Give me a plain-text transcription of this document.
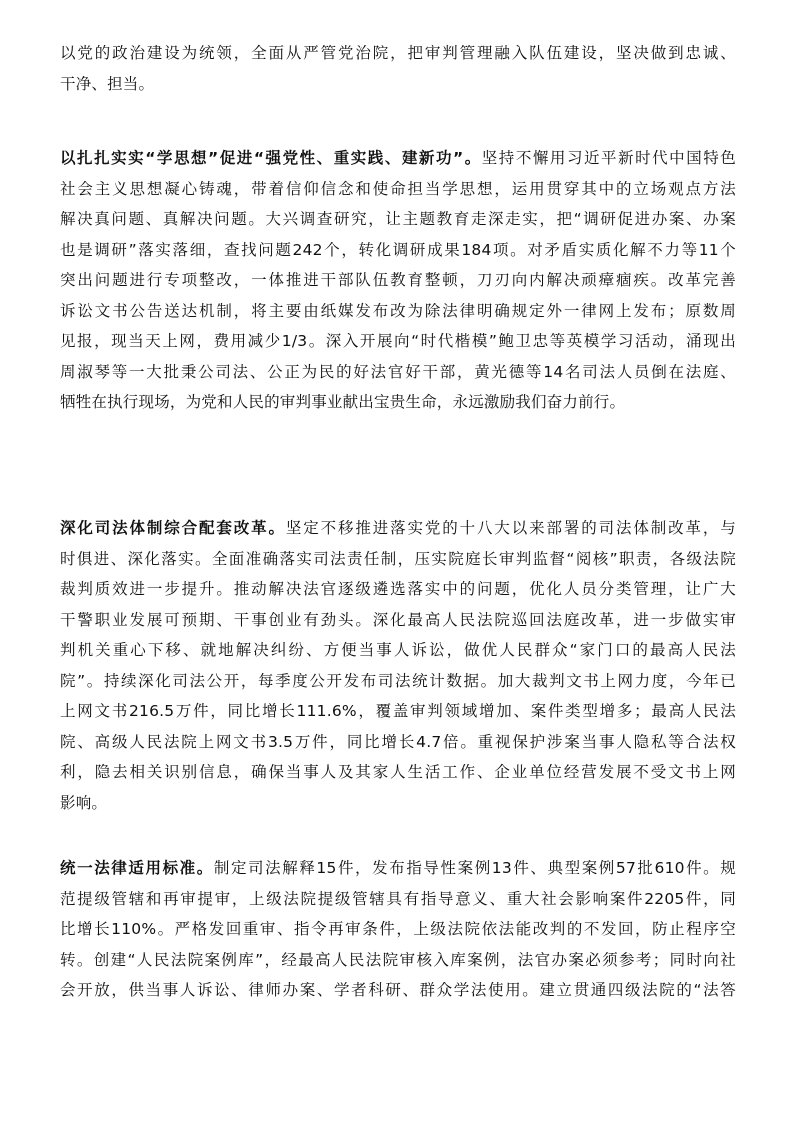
以党的政治建设为统领，全面从严管党治院，把审判管理融入队伍建设，坚决做到忠诚、
干净、担当。
以扎扎实实“学思想”促进“强党性、重实践、建新功”。坚持不懈用习近平新时代中国特色
社会主义思想凝心铸魂，带着信仰信念和使命担当学思想，运用贯穿其中的立场观点方法
解决真问题、真解决问题。大兴调查研究，让主题教育走深走实，把“调研促进办案、办案
也是调研”落实落细，查找问题242个，转化调研成果184项。对矛盾实质化解不力等11个
突出问题进行专项整改，一体推进干部队伍教育整顿，刀刃向内解决顽瘴痼疾。改革完善
诉讼文书公告送达机制，将主要由纸媒发布改为除法律明确规定外一律网上发布；原数周
见报，现当天上网，费用减少1/3。深入开展向“时代楷模”鲍卫忠等英模学习活动，涌现出
周淑琴等一大批秉公司法、公正为民的好法官好干部，黄光德等14名司法人员倒在法庭、
牺牲在执行现场，为党和人民的审判事业献出宝贵生命，永远激励我们奋力前行。
深化司法体制综合配套改革。坚定不移推进落实党的十八大以来部署的司法体制改革，与
时俱进、深化落实。全面准确落实司法责任制，压实院庭长审判监督“阅核”职责，各级法院
裁判质效进一步提升。推动解决法官逐级遴选落实中的问题，优化人员分类管理，让广大
干警职业发展可预期、干事创业有劲头。深化最高人民法院巡回法庭改革，进一步做实审
判机关重心下移、就地解决纠纷、方便当事人诉讼，做优人民群众“家门口的最高人民法
院”。持续深化司法公开，每季度公开发布司法统计数据。加大裁判文书上网力度，今年已
上网文书216.5万件，同比增长111.6%，覆盖审判领域增加、案件类型增多；最高人民法
院、高级人民法院上网文书3.5万件，同比增长4.7倍。重视保护涉案当事人隐私等合法权
利，隐去相关识别信息，确保当事人及其家人生活工作、企业单位经营发展不受文书上网
影响。
统一法律适用标准。制定司法解释15件，发布指导性案例13件、典型案例57批610件。规
范提级管辖和再审提审，上级法院提级管辖具有指导意义、重大社会影响案件2205件，同
比增长110%。严格发回重审、指令再审条件，上级法院依法能改判的不发回，防止程序空
转。创建“人民法院案例库”，经最高人民法院审核入库案例，法官办案必须参考；同时向社
会开放，供当事人诉讼、律师办案、学者科研、群众学法使用。建立贯通四级法院的“法答
